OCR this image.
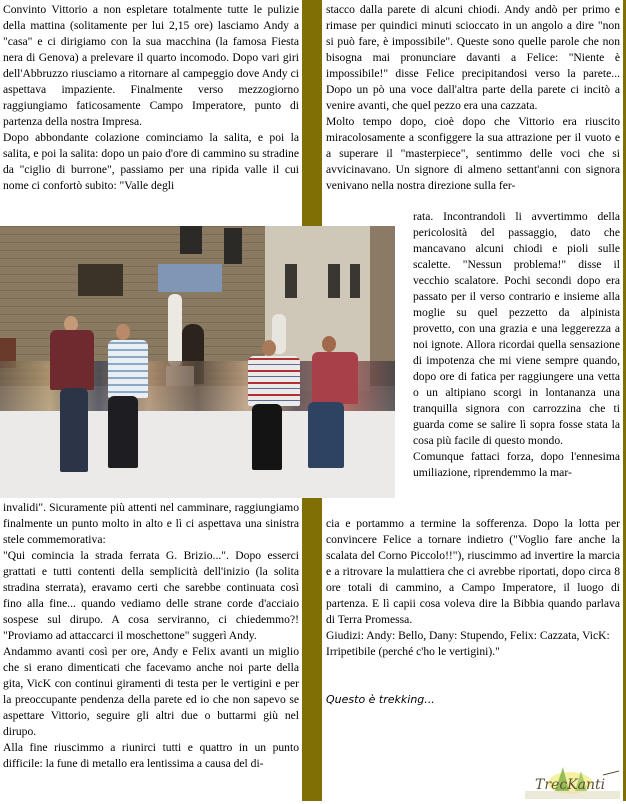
Convinto Vittorio a non espletare totalmente tutte le pulizie della mattina (solitamente per lui 2,15 ore) lasciamo Andy a "casa" e ci dirigiamo con la sua macchina (la famosa Fiesta nera di Genova) a prelevare il quarto incomodo. Dopo vari giri dell'Abbruzzo riusciamo a ritornare al campeggio dove Andy ci aspettava impaziente. Finalmente verso mezzogiorno raggiungiamo faticosamente Campo Imperatore, punto di partenza della nostra Impresa.

Dopo abbondante colazione cominciamo la salita, e poi la salita, e poi la salita: dopo un paio d'ore di cammino su stradine da "ciglio di burrone", passiamo per una ripida valle il cui nome ci confortò subito: "Valle degli

stacco dalla parete di alcuni chiodi. Andy andò per primo e rimase per quindici minuti scioccato in un angolo a dire "non si può fare, è impossibile". Queste sono quelle parole che non bisogna mai pronunciare davanti a Felice: "Niente è impossibile!" disse Felice precipitandosi verso la parete... Dopo un pò una voce dall'altra parte della parete ci incitò a venire avanti, che quel pezzo era una cazzata.

Molto tempo dopo, cioè dopo che Vittorio era riuscito miracolosamente a sconfiggere la sua attrazione per il vuoto e a superare il "masterpiece", sentimmo delle voci che si avvicinavano. Un signore di almeno settant'anni con signora venivano nella nostra direzione sulla fer-

rata. Incontrandoli li avvertimmo della pericolosità del passaggio, dato che mancavano alcuni chiodi e pioli sulle scalette. "Nessun problema!" disse il vecchio scalatore. Pochi secondi dopo era passato per il verso contrario e insieme alla moglie su quel pezzetto da alpinista provetto, con una grazia e una leggerezza a noi ignote. Allora ricordai quella sensazione di impotenza che mi viene sempre quando, dopo ore di fatica per raggiungere una vetta o un altipiano scorgi in lontananza una tranquilla signora con carrozzina che ti guarda come se salire lì sopra fosse stata la cosa più facile di questo mondo.

Comunque fattaci forza, dopo l'ennesima umiliazione, riprendemmo la mar-

invalidi". Sicuramente più attenti nel camminare, raggiungiamo finalmente un punto molto in alto e lì ci aspettava una sinistra stele commemorativa:

"Qui comincia la strada ferrata G. Brizio...". Dopo esserci grattati e tutti contenti della semplicità dell'inizio (la solita stradina sterrata), eravamo certi che sarebbe continuata così fino alla fine... quando vediamo delle strane corde d'acciaio sospese sul dirupo. A cosa serviranno, ci chiedemmo?! "Proviamo ad attaccarci il moschettone" suggerì Andy.

Andammo avanti così per ore, Andy e Felix avanti un miglio che si erano dimenticati che facevamo anche noi parte della gita, VicK con continui giramenti di testa per le vertigini e per la preoccupante pendenza della parete ed io che non sapevo se aspettare Vittorio, seguire gli altri due o buttarmi giù nel dirupo.

Alla fine riuscimmo a riunirci tutti e quattro in un punto difficile: la fune di metallo era lentissima a causa del di-

cia e portammo a termine la sofferenza. Dopo la lotta per convincere Felice a tornare indietro ("Voglio fare anche la scalata del Corno Piccolo!!"), riuscimmo ad invertire la marcia e a ritrovare la mulattiera che ci avrebbe riportati, dopo circa 8 ore totali di cammino, a Campo Imperatore, il luogo di partenza. E lì capii cosa voleva dire la Bibbia quando parlava di Terra Promessa.

Giudizi: Andy: Bello, Dany: Stupendo, Felix: Cazzata, VicK: Irripetibile (perché c'ho le vertigini)."

Questo è trekking...

TrecKanti
